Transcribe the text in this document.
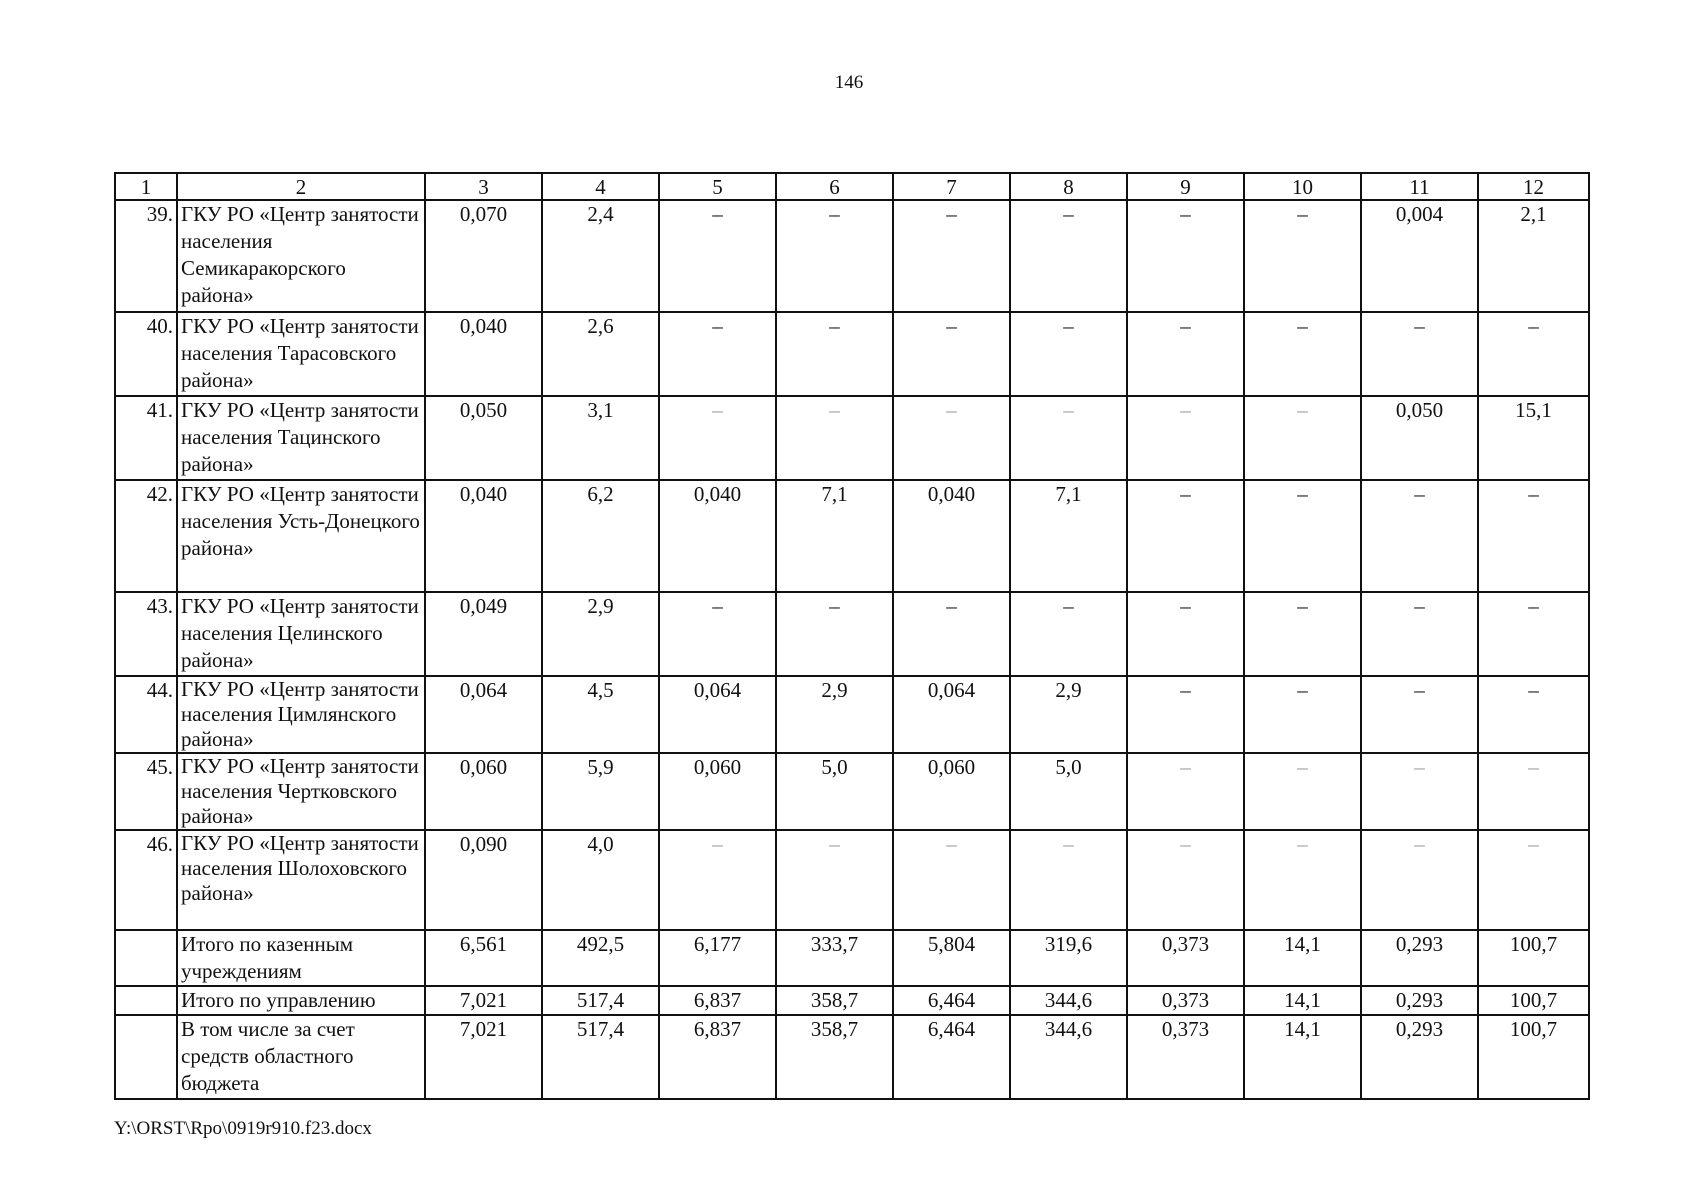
146
1	2	3	4	5	6	7	8	9	10	11	12
39.	ГКУ РО «Центр занятости населения Семикаракорского района»	0,070	2,4	–	–	–	–	–	–	0,004	2,1
40.	ГКУ РО «Центр занятости населения Тарасовского района»	0,040	2,6	–	–	–	–	–	–	–	–
41.	ГКУ РО «Центр занятости населения Тацинского района»	0,050	3,1	–	–	–	–	–	–	0,050	15,1
42.	ГКУ РО «Центр занятости населения Усть-Донецкого района»	0,040	6,2	0,040	7,1	0,040	7,1	–	–	–	–
43.	ГКУ РО «Центр занятости населения Целинского района»	0,049	2,9	–	–	–	–	–	–	–	–
44.	ГКУ РО «Центр занятости населения Цимлянского района»	0,064	4,5	0,064	2,9	0,064	2,9	–	–	–	–
45.	ГКУ РО «Центр занятости населения Чертковского района»	0,060	5,9	0,060	5,0	0,060	5,0	–	–	–	–
46.	ГКУ РО «Центр занятости населения Шолоховского района»	0,090	4,0	–	–	–	–	–	–	–	–
	Итого по казенным учреждениям	6,561	492,5	6,177	333,7	5,804	319,6	0,373	14,1	0,293	100,7
	Итого по управлению	7,021	517,4	6,837	358,7	6,464	344,6	0,373	14,1	0,293	100,7
	В том числе за счет средств областного бюджета	7,021	517,4	6,837	358,7	6,464	344,6	0,373	14,1	0,293	100,7
Y:\ORST\Rpo\0919r910.f23.docx
